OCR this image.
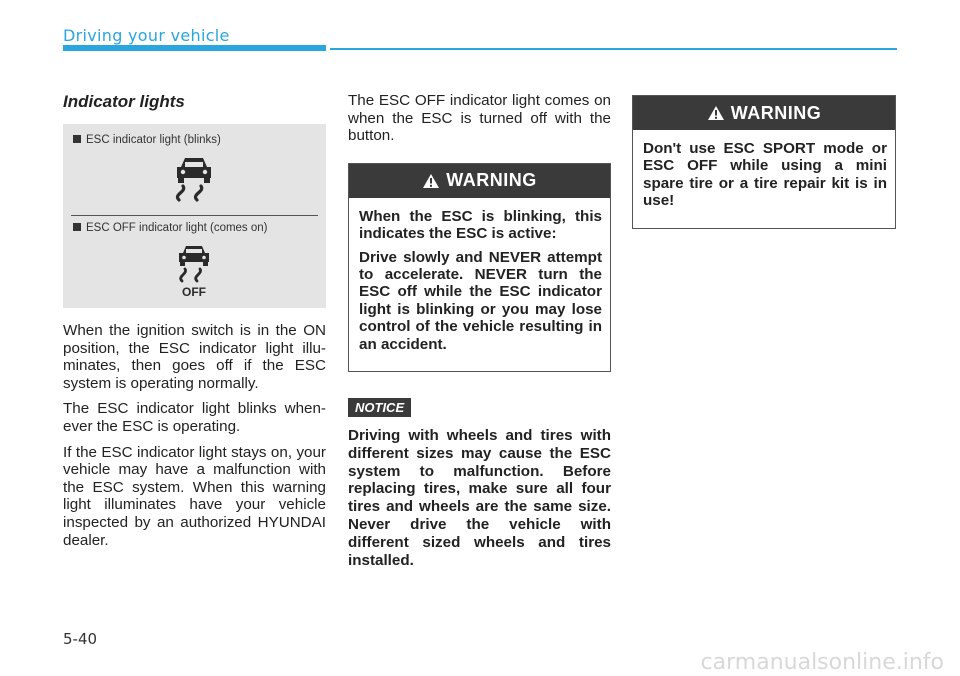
Driving your vehicle
Indicator lights
ESC indicator light (blinks)
ESC OFF indicator light (comes on)
OFF

When the ignition switch is in the ON position, the ESC indicator light illu-minates, then goes off if the ESC system is operating normally.

The ESC indicator light blinks when-ever the ESC is operating.

If the ESC indicator light stays on, your vehicle may have a malfunction with the ESC system. When this warning light illuminates have your vehicle inspected by an authorized HYUNDAI dealer.

The ESC OFF indicator light comes on when the ESC is turned off with the button.

WARNING

When the ESC is blinking, this indicates the ESC is active:

Drive slowly and NEVER attempt to accelerate. NEVER turn the ESC off while the ESC indicator light is blinking or you may lose control of the vehicle resulting in an accident.

NOTICE

Driving with wheels and tires with different sizes may cause the ESC system to malfunction. Before replacing tires, make sure all four tires and wheels are the same size. Never drive the vehicle with different sized wheels and tires installed.

WARNING

Don't use ESC SPORT mode or ESC OFF while using a mini spare tire or a tire repair kit is in use!

5-40
carmanualsonline.info
